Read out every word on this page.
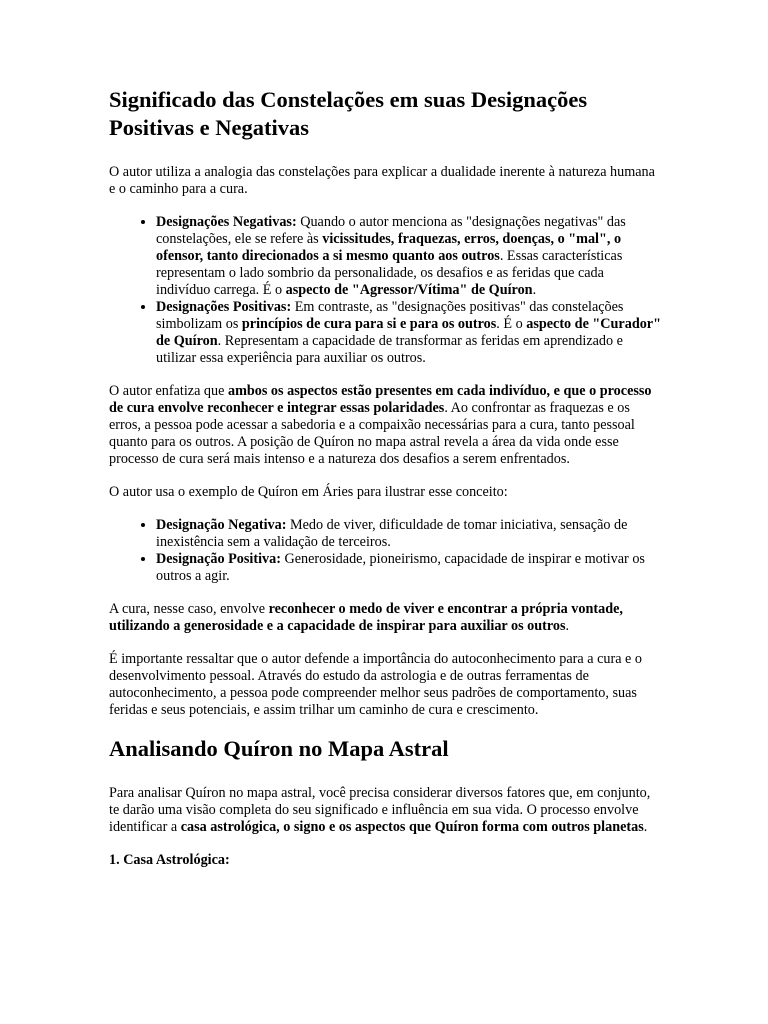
Significado das Constelações em suas Designações Positivas e Negativas

O autor utiliza a analogia das constelações para explicar a dualidade inerente à natureza humana e o caminho para a cura.

• Designações Negativas: Quando o autor menciona as "designações negativas" das constelações, ele se refere às vicissitudes, fraquezas, erros, doenças, o "mal", o ofensor, tanto direcionados a si mesmo quanto aos outros. Essas características representam o lado sombrio da personalidade, os desafios e as feridas que cada indivíduo carrega. É o aspecto de "Agressor/Vítima" de Quíron.
• Designações Positivas: Em contraste, as "designações positivas" das constelações simbolizam os princípios de cura para si e para os outros. É o aspecto de "Curador" de Quíron. Representam a capacidade de transformar as feridas em aprendizado e utilizar essa experiência para auxiliar os outros.

O autor enfatiza que ambos os aspectos estão presentes em cada indivíduo, e que o processo de cura envolve reconhecer e integrar essas polaridades. Ao confrontar as fraquezas e os erros, a pessoa pode acessar a sabedoria e a compaixão necessárias para a cura, tanto pessoal quanto para os outros. A posição de Quíron no mapa astral revela a área da vida onde esse processo de cura será mais intenso e a natureza dos desafios a serem enfrentados.

O autor usa o exemplo de Quíron em Áries para ilustrar esse conceito:

• Designação Negativa: Medo de viver, dificuldade de tomar iniciativa, sensação de inexistência sem a validação de terceiros.
• Designação Positiva: Generosidade, pioneirismo, capacidade de inspirar e motivar os outros a agir.

A cura, nesse caso, envolve reconhecer o medo de viver e encontrar a própria vontade, utilizando a generosidade e a capacidade de inspirar para auxiliar os outros.

É importante ressaltar que o autor defende a importância do autoconhecimento para a cura e o desenvolvimento pessoal. Através do estudo da astrologia e de outras ferramentas de autoconhecimento, a pessoa pode compreender melhor seus padrões de comportamento, suas feridas e seus potenciais, e assim trilhar um caminho de cura e crescimento.

Analisando Quíron no Mapa Astral

Para analisar Quíron no mapa astral, você precisa considerar diversos fatores que, em conjunto, te darão uma visão completa do seu significado e influência em sua vida. O processo envolve identificar a casa astrológica, o signo e os aspectos que Quíron forma com outros planetas.

1. Casa Astrológica:
